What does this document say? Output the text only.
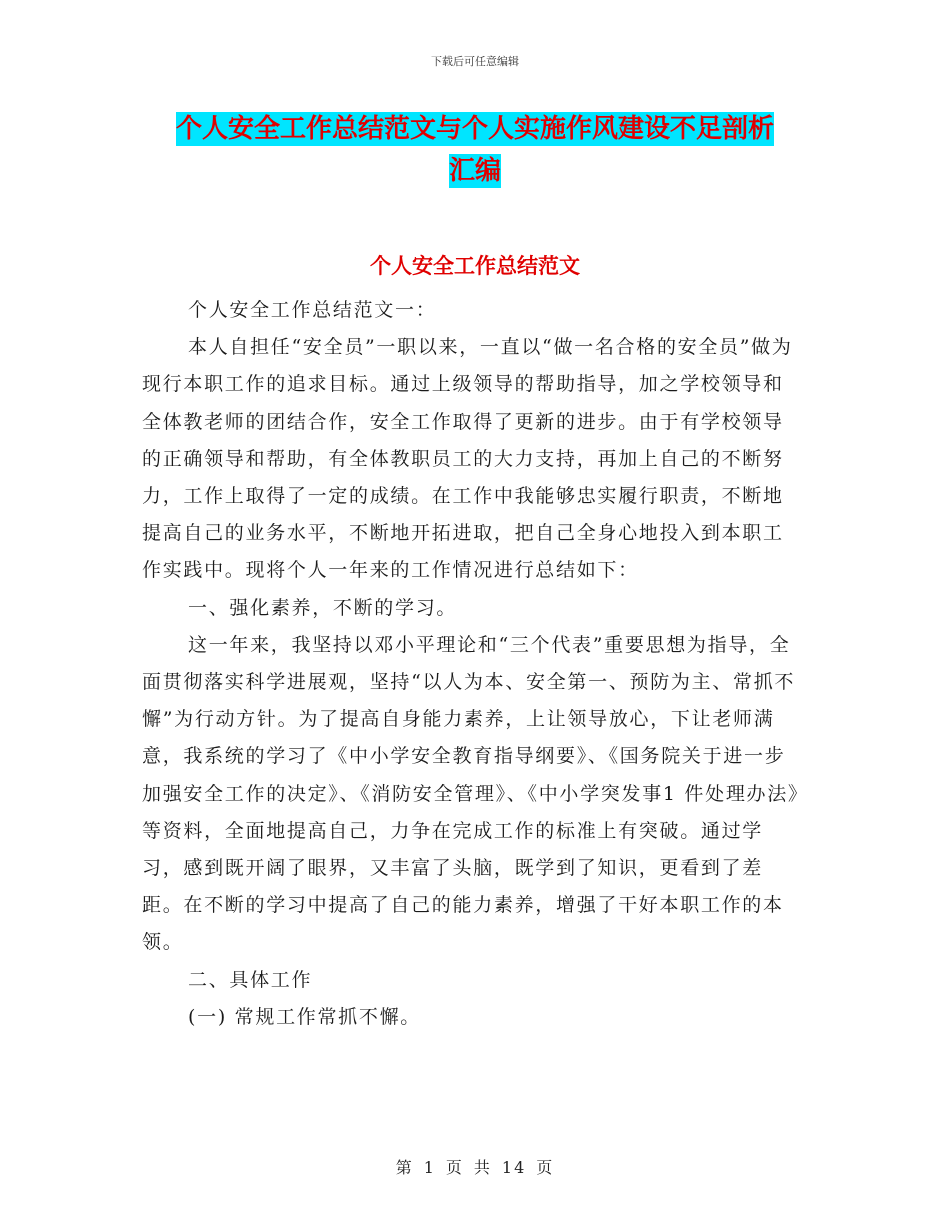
下载后可任意编辑
个人安全工作总结范文与个人实施作风建设不足剖析
汇编
个人安全工作总结范文

个人安全工作总结范文一：

本人自担任“安全员”一职以来，一直以“做一名合格的安全员”做为现行本职工作的追求目标。通过上级领导的帮助指导，加之学校领导和全体教老师的团结合作，安全工作取得了更新的进步。由于有学校领导的正确领导和帮助，有全体教职员工的大力支持，再加上自己的不断努力，工作上取得了一定的成绩。在工作中我能够忠实履行职责，不断地提高自己的业务水平，不断地开拓进取，把自己全身心地投入到本职工作实践中。现将个人一年来的工作情况进行总结如下：

一、强化素养，不断的学习。

这一年来，我坚持以邓小平理论和“三个代表”重要思想为指导，全面贯彻落实科学进展观，坚持“以人为本、安全第一、预防为主、常抓不懈”为行动方针。为了提高自身能力素养，上让领导放心，下让老师满意，我系统的学习了《中小学安全教育指导纲要》、《国务院关于进一步加强安全工作的决定》、《消防安全管理》、《中小学突发事1 件处理办法》等资料，全面地提高自己，力争在完成工作的标准上有突破。通过学习，感到既开阔了眼界，又丰富了头脑，既学到了知识，更看到了差距。在不断的学习中提高了自己的能力素养，增强了干好本职工作的本领。

二、具体工作

(一) 常规工作常抓不懈。

第 1 页 共 14 页
